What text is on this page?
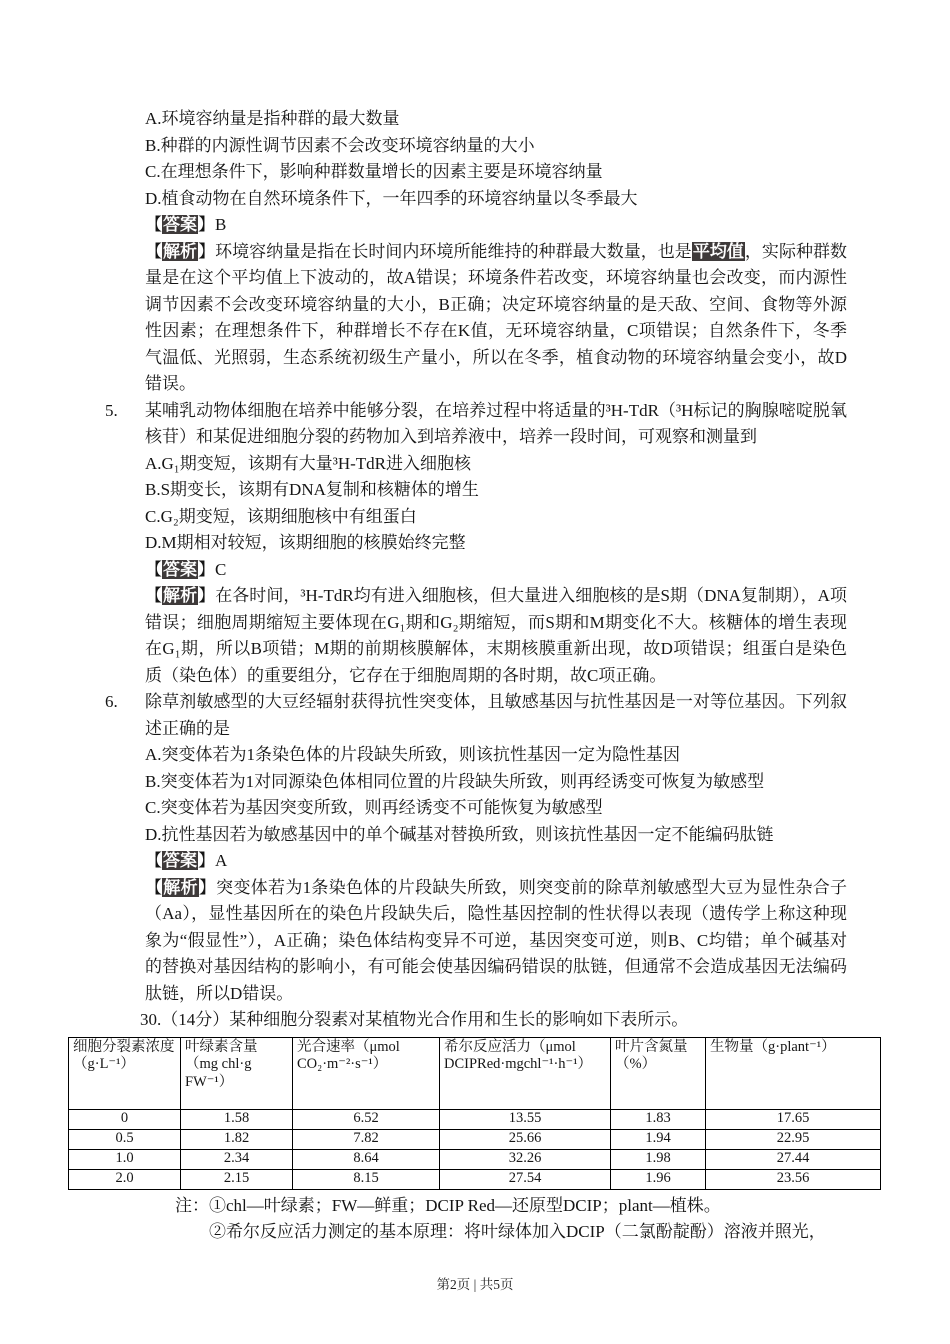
A.环境容纳量是指种群的最大数量

B.种群的内源性调节因素不会改变环境容纳量的大小

C.在理想条件下，影响种群数量增长的因素主要是环境容纳量

D.植食动物在自然环境条件下，一年四季的环境容纳量以冬季最大

【答案】B

【解析】环境容纳量是指在长时间内环境所能维持的种群最大数量，也是平均值，实际种群数量是在这个平均值上下波动的，故A错误；环境条件若改变，环境容纳量也会改变，而内源性调节因素不会改变环境容纳量的大小，B正确；决定环境容纳量的是天敌、空间、食物等外源性因素；在理想条件下，种群增长不存在K值，无环境容纳量，C项错误；自然条件下，冬季气温低、光照弱，生态系统初级生产量小，所以在冬季，植食动物的环境容纳量会变小，故D错误。

5.	某哺乳动物体细胞在培养中能够分裂，在培养过程中将适量的³H-TdR（³H标记的胸腺嘧啶脱氧核苷）和某促进细胞分裂的药物加入到培养液中，培养一段时间，可观察和测量到

A.G₁期变短，该期有大量³H-TdR进入细胞核

B.S期变长，该期有DNA复制和核糖体的增生

C.G₂期变短，该期细胞核中有组蛋白

D.M期相对较短，该期细胞的核膜始终完整

【答案】C

【解析】在各时间，³H-TdR均有进入细胞核，但大量进入细胞核的是S期（DNA复制期），A项错误；细胞周期缩短主要体现在G₁期和G₂期缩短，而S期和M期变化不大。核糖体的增生表现在G₁期，所以B项错；M期的前期核膜解体，末期核膜重新出现，故D项错误；组蛋白是染色质（染色体）的重要组分，它存在于细胞周期的各时期，故C项正确。

6.	除草剂敏感型的大豆经辐射获得抗性突变体，且敏感基因与抗性基因是一对等位基因。下列叙述正确的是

A.突变体若为1条染色体的片段缺失所致，则该抗性基因一定为隐性基因

B.突变体若为1对同源染色体相同位置的片段缺失所致，则再经诱变可恢复为敏感型

C.突变体若为基因突变所致，则再经诱变不可能恢复为敏感型

D.抗性基因若为敏感基因中的单个碱基对替换所致，则该抗性基因一定不能编码肽链

【答案】A

【解析】突变体若为1条染色体的片段缺失所致，则突变前的除草剂敏感型大豆为显性杂合子（Aa），显性基因所在的染色片段缺失后，隐性基因控制的性状得以表现（遗传学上称这种现象为“假显性”），A正确；染色体结构变异不可逆，基因突变可逆，则B、C均错；单个碱基对的替换对基因结构的影响小，有可能会使基因编码错误的肽链，但通常不会造成基因无法编码肽链，所以D错误。

30.（14分）某种细胞分裂素对某植物光合作用和生长的影响如下表所示。

细胞分裂素浓度（g·L⁻¹）	叶绿素含量（mg chl·g FW⁻¹）	光合速率（μmol CO₂·m⁻²·s⁻¹）	希尔反应活力（μmol DCIPRed·mgchl⁻¹·h⁻¹）	叶片含氮量（%）	生物量（g·plant⁻¹）
0	1.58	6.52	13.55	1.83	17.65
0.5	1.82	7.82	25.66	1.94	22.95
1.0	2.34	8.64	32.26	1.98	27.44
2.0	2.15	8.15	27.54	1.96	23.56

注：①chl—叶绿素；FW—鲜重；DCIP Red—还原型DCIP；plant—植株。

②希尔反应活力测定的基本原理：将叶绿体加入DCIP（二氯酚靛酚）溶液并照光，

第2页 | 共5页
